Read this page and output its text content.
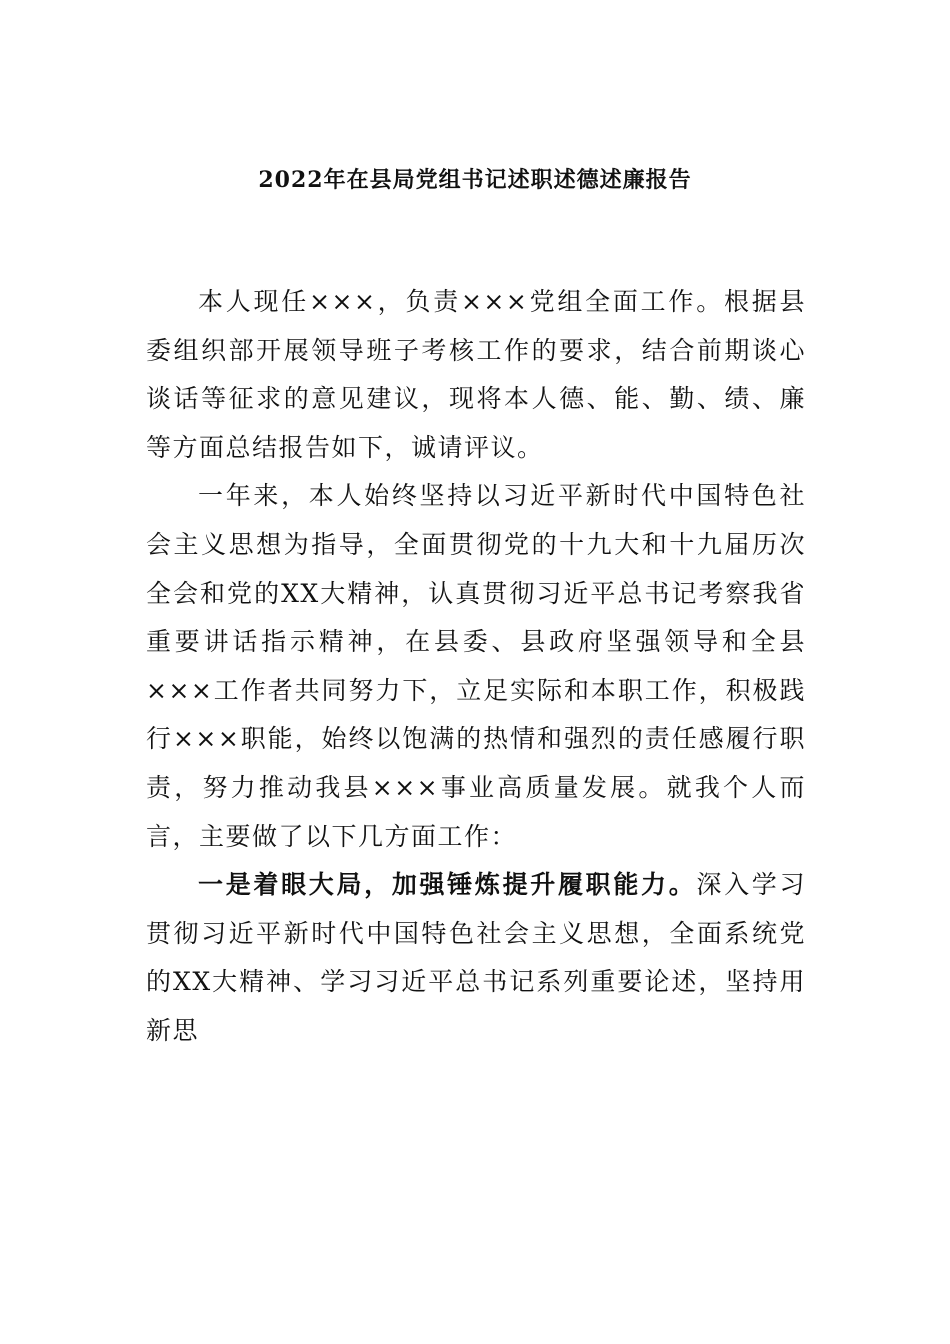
2022年在县局党组书记述职述德述廉报告

本人现任×××，负责×××党组全面工作。根据县委组织部开展领导班子考核工作的要求，结合前期谈心谈话等征求的意见建议，现将本人德、能、勤、绩、廉等方面总结报告如下，诚请评议。

一年来，本人始终坚持以习近平新时代中国特色社会主义思想为指导，全面贯彻党的十九大和十九届历次全会和党的XX大精神，认真贯彻习近平总书记考察我省重要讲话指示精神，在县委、县政府坚强领导和全县×××工作者共同努力下，立足实际和本职工作，积极践行×××职能，始终以饱满的热情和强烈的责任感履行职责，努力推动我县×××事业高质量发展。就我个人而言，主要做了以下几方面工作：

一是着眼大局，加强锤炼提升履职能力。深入学习贯彻习近平新时代中国特色社会主义思想，全面系统党的XX大精神、学习习近平总书记系列重要论述，坚持用新思
